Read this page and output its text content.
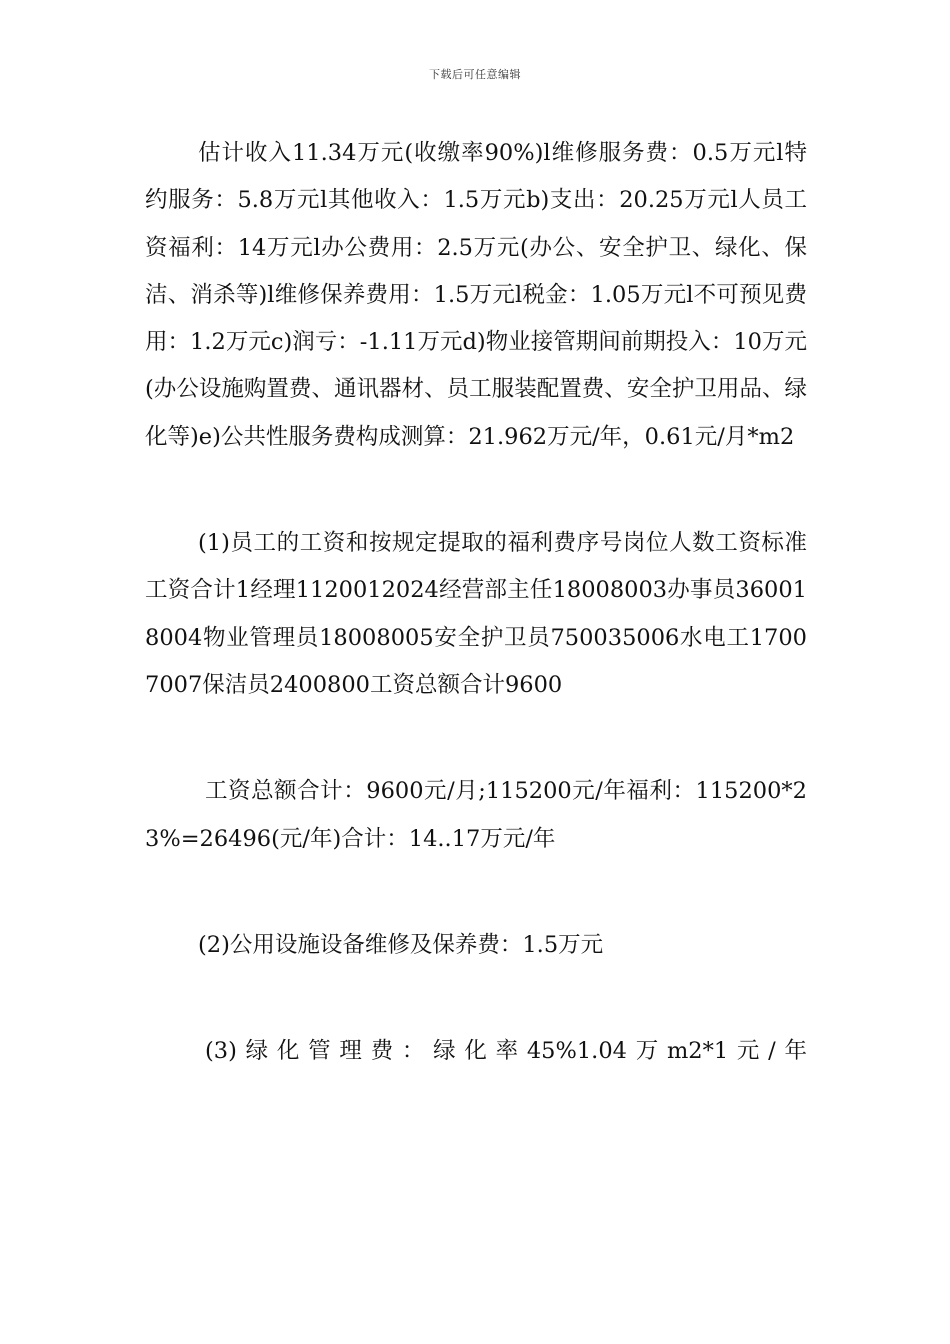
下载后可任意编辑

估计收入11.34万元(收缴率90%)l维修服务费：0.5万元l特约服务：5.8万元l其他收入：1.5万元b)支出：20.25万元l人员工资福利：14万元l办公费用：2.5万元(办公、安全护卫、绿化、保洁、消杀等)l维修保养费用：1.5万元l税金：1.05万元l不可预见费用：1.2万元c)润亏：-1.11万元d)物业接管期间前期投入：10万元(办公设施购置费、通讯器材、员工服装配置费、安全护卫用品、绿化等)e)公共性服务费构成测算：21.962万元/年，0.61元/月*m2

(1)员工的工资和按规定提取的福利费序号岗位人数工资标准工资合计1经理1120012024经营部主任18008003办事员360018004物业管理员18008005安全护卫员750035006水电工17007007保洁员2400800工资总额合计9600

工资总额合计：9600元/月;115200元/年福利：115200*23%=26496(元/年)合计：14..17万元/年

(2)公用设施设备维修及保养费：1.5万元

(3)绿化管理费：绿化率45%1.04万m2*1元/年
